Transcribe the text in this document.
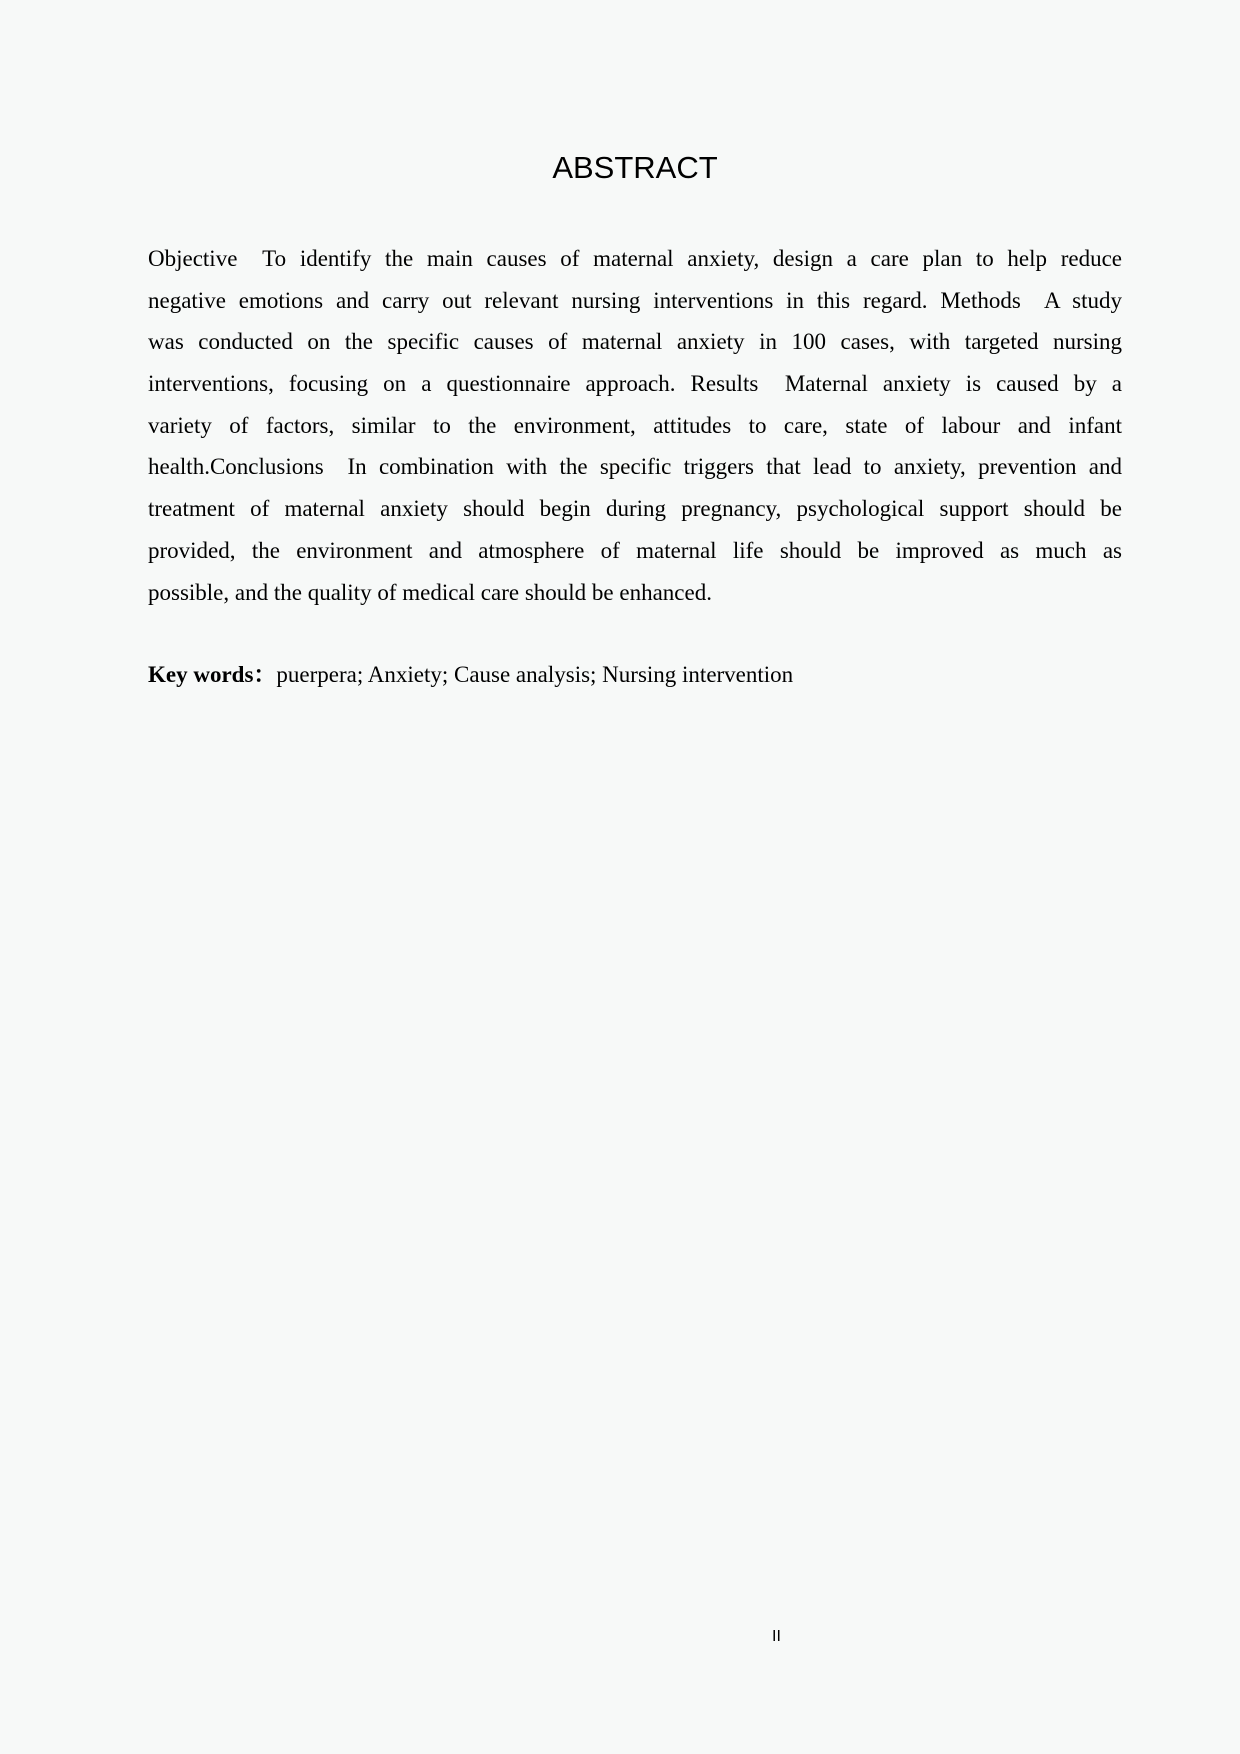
ABSTRACT
Objective  To identify the main causes of maternal anxiety, design a care plan to help reduce
negative emotions and carry out relevant nursing interventions in this regard. Methods  A study
was conducted on the specific causes of maternal anxiety in 100 cases, with targeted nursing
interventions, focusing on a questionnaire approach. Results  Maternal anxiety is caused by a
variety of factors, similar to the environment, attitudes to care, state of labour and infant
health.Conclusions  In combination with the specific triggers that lead to anxiety, prevention and
treatment of maternal anxiety should begin during pregnancy, psychological support should be
provided, the environment and atmosphere of maternal life should be improved as much as
possible, and the quality of medical care should be enhanced.
Key words：puerpera; Anxiety; Cause analysis; Nursing intervention
II
